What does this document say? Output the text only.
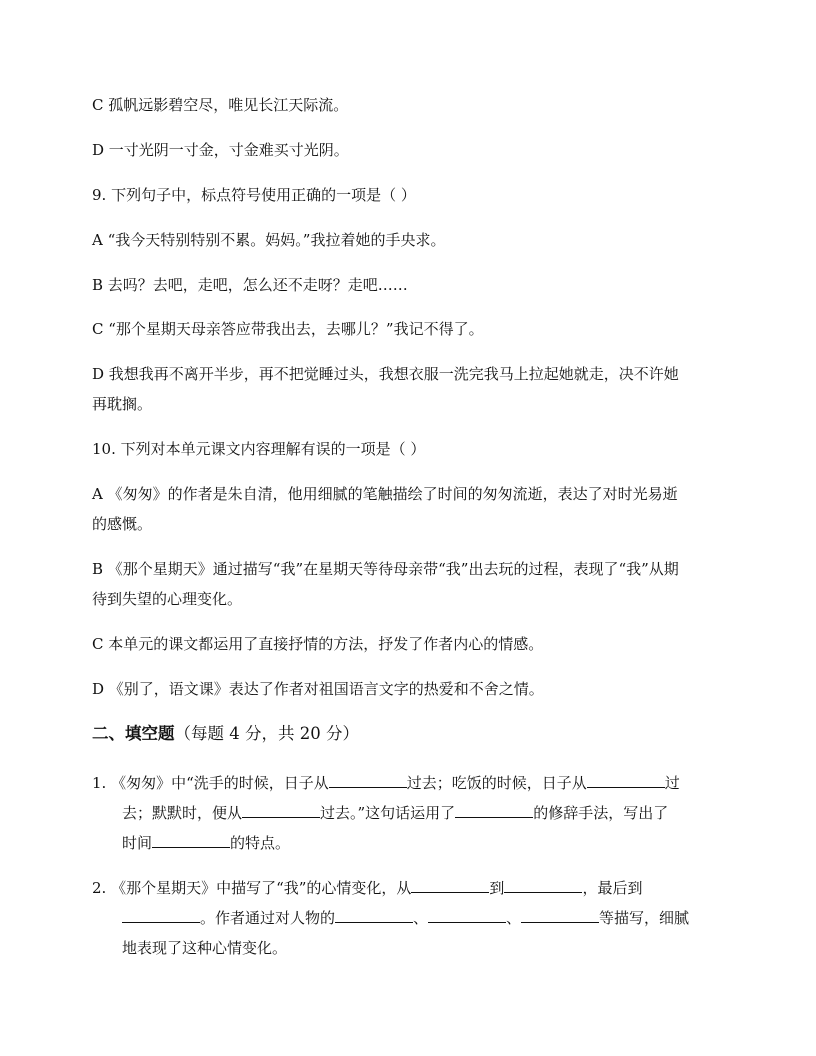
C 孤帆远影碧空尽，唯见长江天际流。
D 一寸光阴一寸金，寸金难买寸光阴。
9. 下列句子中，标点符号使用正确的一项是（ ）
A “我今天特别特别不累。妈妈。”我拉着她的手央求。
B 去吗？去吧，走吧，怎么还不走呀？走吧……
C “那个星期天母亲答应带我出去，去哪儿？”我记不得了。
D 我想我再不离开半步，再不把觉睡过头，我想衣服一洗完我马上拉起她就走，决不许她
再耽搁。
10. 下列对本单元课文内容理解有误的一项是（ ）
A 《匆匆》的作者是朱自清，他用细腻的笔触描绘了时间的匆匆流逝，表达了对时光易逝
的感慨。
B 《那个星期天》通过描写“我”在星期天等待母亲带“我”出去玩的过程，表现了“我”从期
待到失望的心理变化。
C 本单元的课文都运用了直接抒情的方法，抒发了作者内心的情感。
D 《别了，语文课》表达了作者对祖国语言文字的热爱和不舍之情。
二、填空题（每题 4 分，共 20 分）
1. 《匆匆》中“洗手的时候，日子从	过去；吃饭的时候，日子从	过
去；默默时，便从	过去。”这句话运用了	的修辞手法，写出了
时间	的特点。
2. 《那个星期天》中描写了“我”的心情变化，从	到	，最后到
。作者通过对人物的	、	、	等描写，细腻
地表现了这种心情变化。
